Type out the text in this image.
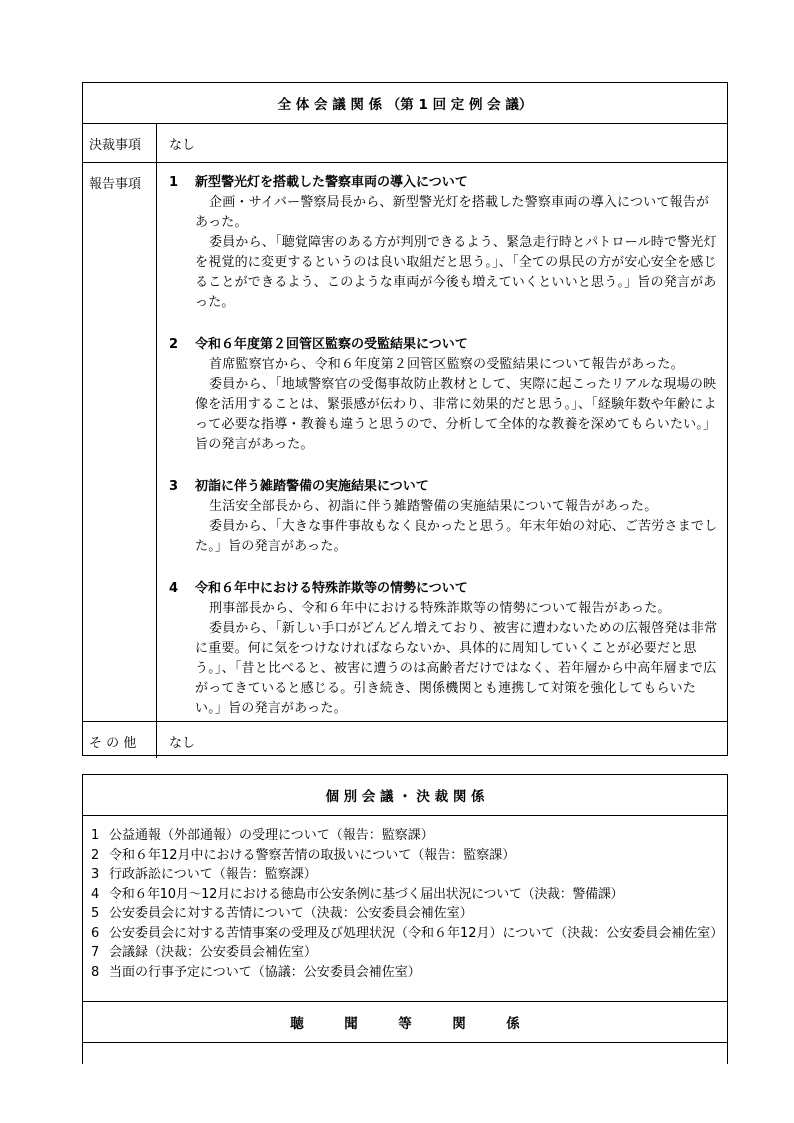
全 体 会 議 関 係 （第 1 回 定 例 会 議）
決裁事項	なし
報告事項	1 新型警光灯を搭載した警察車両の導入について
企画・サイバー警察局長から、新型警光灯を搭載した警察車両の導入について報告があった。
委員から、「聴覚障害のある方が判別できるよう、緊急走行時とパトロール時で警光灯を視覚的に変更するというのは良い取組だと思う。」、「全ての県民の方が安心安全を感じることができるよう、このような車両が今後も増えていくといいと思う。」旨の発言があった。
2 令和６年度第２回管区監察の受監結果について
首席監察官から、令和６年度第２回管区監察の受監結果について報告があった。
委員から、「地域警察官の受傷事故防止教材として、実際に起こったリアルな現場の映像を活用することは、緊張感が伝わり、非常に効果的だと思う。」、「経験年数や年齢によって必要な指導・教養も違うと思うので、分析して全体的な教養を深めてもらいたい。」旨の発言があった。
3 初詣に伴う雑踏警備の実施結果について
生活安全部長から、初詣に伴う雑踏警備の実施結果について報告があった。
委員から、「大きな事件事故もなく良かったと思う。年末年始の対応、ご苦労さまでした。」旨の発言があった。
4 令和６年中における特殊詐欺等の情勢について
刑事部長から、令和６年中における特殊詐欺等の情勢について報告があった。
委員から、「新しい手口がどんどん増えており、被害に遭わないための広報啓発は非常に重要。何に気をつけなければならないか、具体的に周知していくことが必要だと思う。」、「昔と比べると、被害に遭うのは高齢者だけではなく、若年層から中高年層まで広がってきていると感じる。引き続き、関係機関とも連携して対策を強化してもらいたい。」旨の発言があった。
そ の 他	なし
個 別 会 議 ・ 決 裁 関 係
1 公益通報（外部通報）の受理について（報告：監察課）
2 令和６年12月中における警察苦情の取扱いについて（報告：監察課）
3 行政訴訟について（報告：監察課）
4 令和６年10月～12月における徳島市公安条例に基づく届出状況について（決裁：警備課）
5 公安委員会に対する苦情について（決裁：公安委員会補佐室）
6 公安委員会に対する苦情事案の受理及び処理状況（令和６年12月）について（決裁：公安委員会補佐室）
7 会議録（決裁：公安委員会補佐室）
8 当面の行事予定について（協議：公安委員会補佐室）
聴　　　聞　　　等　　　関　　　係
